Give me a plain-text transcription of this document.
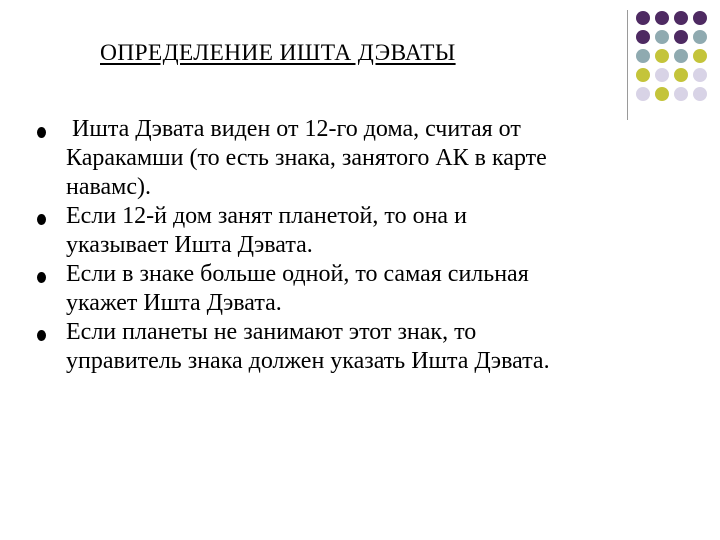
ОПРЕДЕЛЕНИЕ ИШТА ДЭВАТЫ
Ишта Дэвата виден от 12-го дома, считая от
Каракамши (то есть знака, занятого АК в карте
навамс).
Если 12-й дом занят планетой, то она и
указывает Ишта Дэвата.
Если в знаке больше одной, то самая сильная
укажет Ишта Дэвата.
Если планеты не занимают этот знак, то
управитель знака должен указать Ишта Дэвата.
